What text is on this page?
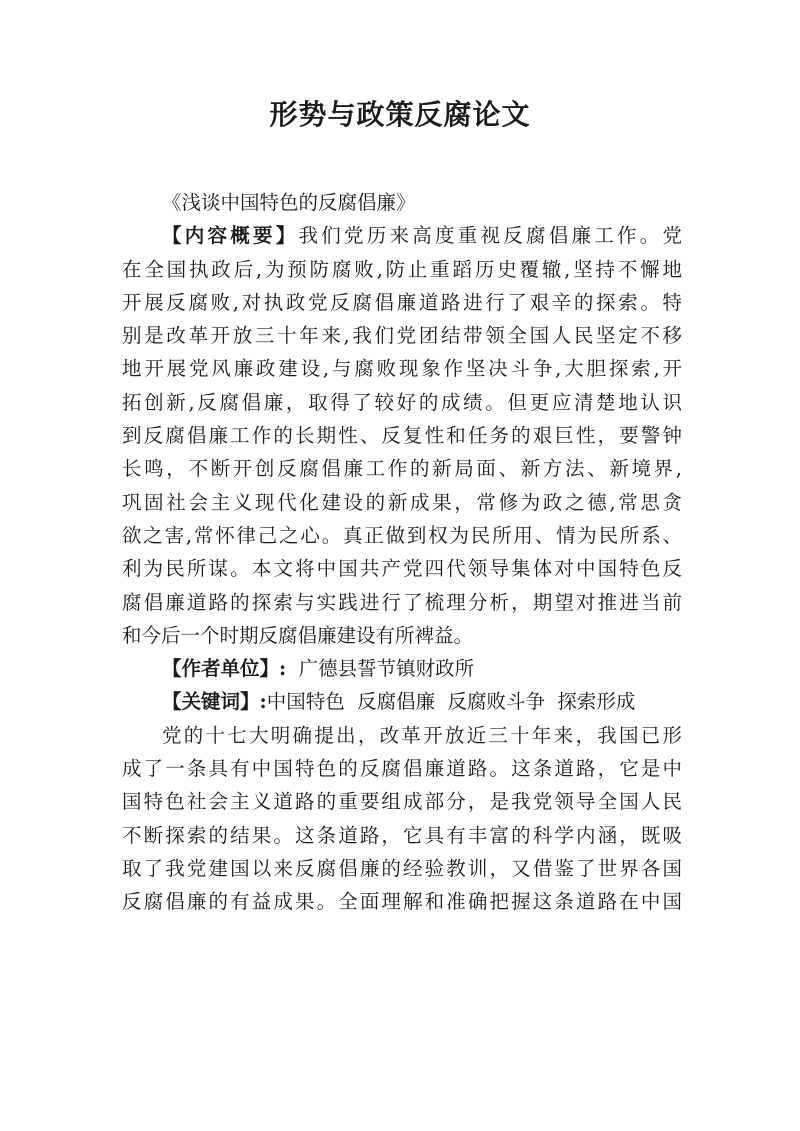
形势与政策反腐论文
《浅谈中国特色的反腐倡廉》
【内容概要】我们党历来高度重视反腐倡廉工作。党
在全国执政后,为预防腐败,防止重蹈历史覆辙,坚持不懈地
开展反腐败,对执政党反腐倡廉道路进行了艰辛的探索。特
别是改革开放三十年来,我们党团结带领全国人民坚定不移
地开展党风廉政建设,与腐败现象作坚决斗争,大胆探索,开
拓创新,反腐倡廉，取得了较好的成绩。但更应清楚地认识
到反腐倡廉工作的长期性、反复性和任务的艰巨性，要警钟
长鸣，不断开创反腐倡廉工作的新局面、新方法、新境界,
巩固社会主义现代化建设的新成果，常修为政之德,常思贪
欲之害,常怀律己之心。真正做到权为民所用、情为民所系、
利为民所谋。本文将中国共产党四代领导集体对中国特色反
腐倡廉道路的探索与实践进行了梳理分析，期望对推进当前
和今后一个时期反腐倡廉建设有所裨益。
【作者单位】:  广德县誓节镇财政所
【关键词】:中国特色  反腐倡廉  反腐败斗争  探索形成
党的十七大明确提出，改革开放近三十年来，我国已形
成了一条具有中国特色的反腐倡廉道路。这条道路，它是中
国特色社会主义道路的重要组成部分，是我党领导全国人民
不断探索的结果。这条道路，它具有丰富的科学内涵，既吸
取了我党建国以来反腐倡廉的经验教训，又借鉴了世界各国
反腐倡廉的有益成果。全面理解和准确把握这条道路在中国
